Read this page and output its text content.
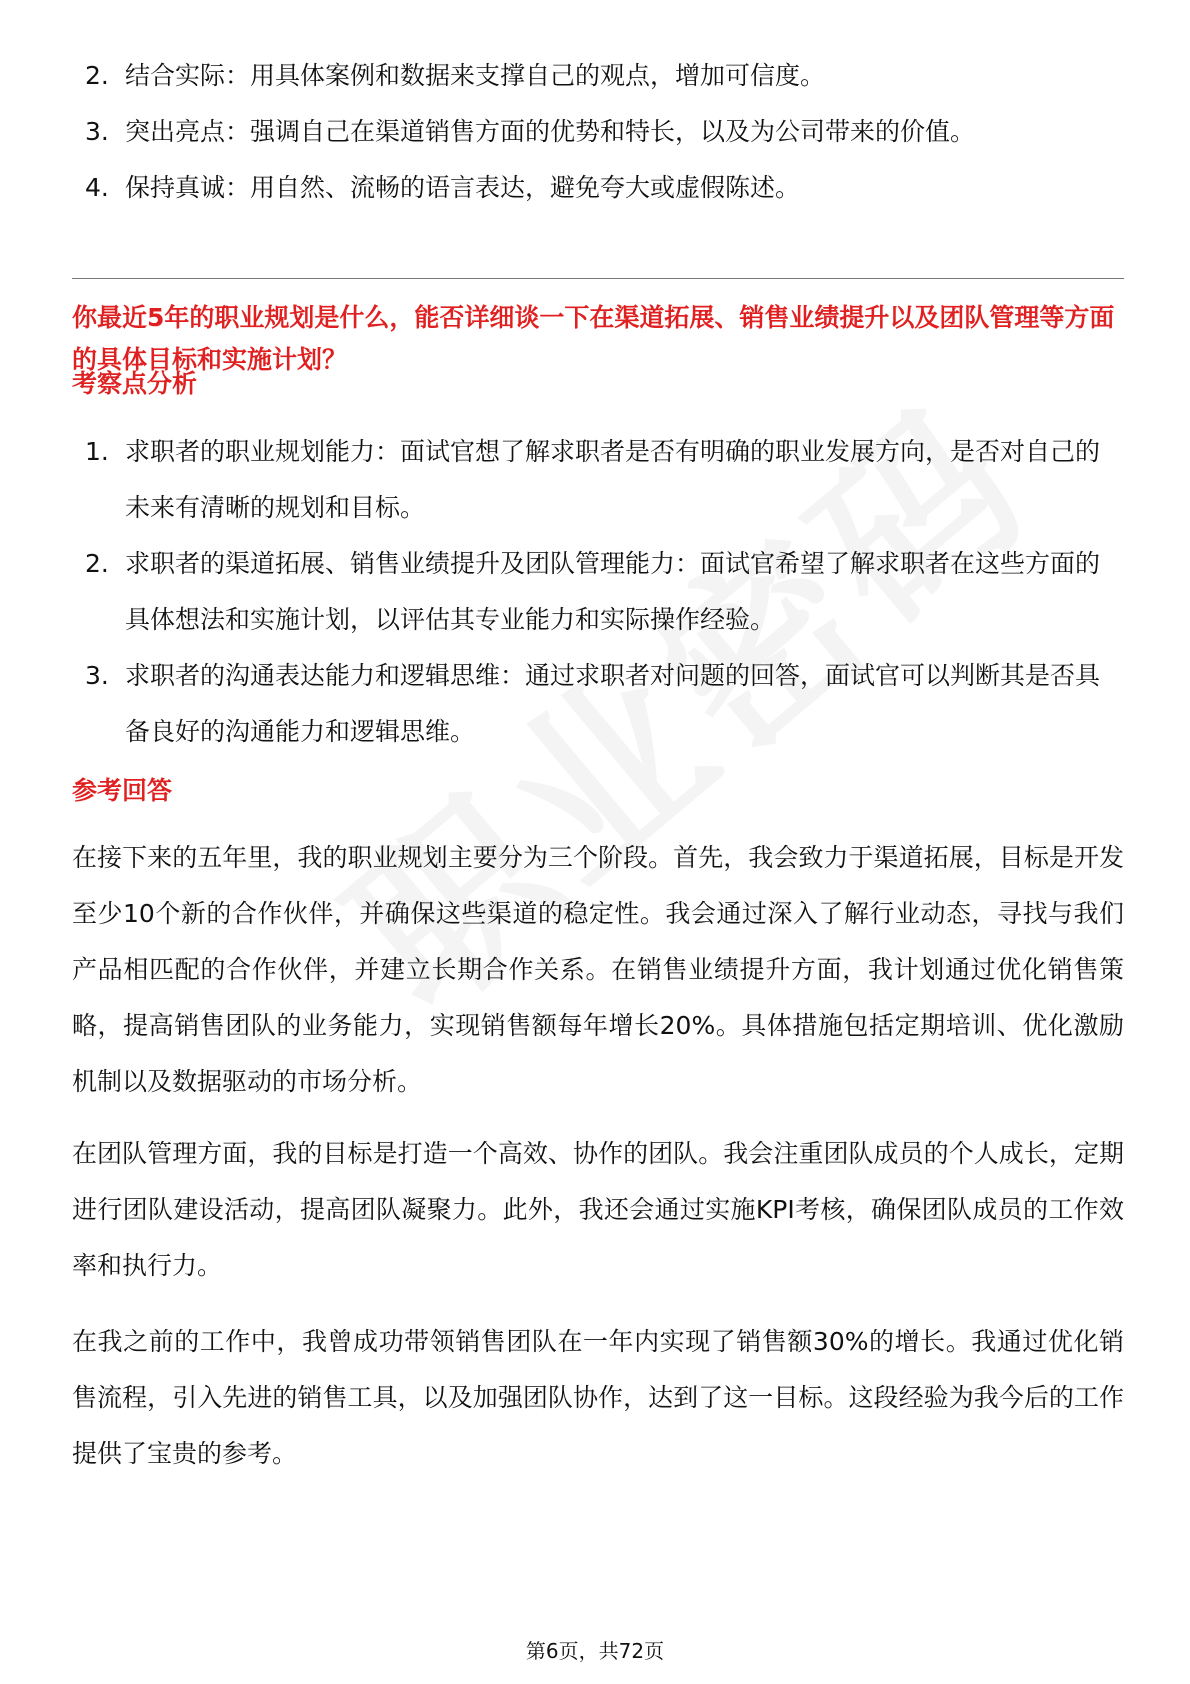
2. 结合实际：用具体案例和数据来支撑自己的观点，增加可信度。
3. 突出亮点：强调自己在渠道销售方面的优势和特长，以及为公司带来的价值。
4. 保持真诚：用自然、流畅的语言表达，避免夸大或虚假陈述。
你最近5年的职业规划是什么，能否详细谈一下在渠道拓展、销售业绩提升以及团队管理等方面的具体目标和实施计划？
考察点分析
1. 求职者的职业规划能力：面试官想了解求职者是否有明确的职业发展方向，是否对自己的未来有清晰的规划和目标。
2. 求职者的渠道拓展、销售业绩提升及团队管理能力：面试官希望了解求职者在这些方面的具体想法和实施计划，以评估其专业能力和实际操作经验。
3. 求职者的沟通表达能力和逻辑思维：通过求职者对问题的回答，面试官可以判断其是否具备良好的沟通能力和逻辑思维。
参考回答

在接下来的五年里，我的职业规划主要分为三个阶段。首先，我会致力于渠道拓展，目标是开发至少10个新的合作伙伴，并确保这些渠道的稳定性。我会通过深入了解行业动态，寻找与我们产品相匹配的合作伙伴，并建立长期合作关系。在销售业绩提升方面，我计划通过优化销售策略，提高销售团队的业务能力，实现销售额每年增长20%。具体措施包括定期培训、优化激励机制以及数据驱动的市场分析。

在团队管理方面，我的目标是打造一个高效、协作的团队。我会注重团队成员的个人成长，定期进行团队建设活动，提高团队凝聚力。此外，我还会通过实施KPI考核，确保团队成员的工作效率和执行力。

在我之前的工作中，我曾成功带领销售团队在一年内实现了销售额30%的增长。我通过优化销售流程，引入先进的销售工具，以及加强团队协作，达到了这一目标。这段经验为我今后的工作提供了宝贵的参考。

第6页，共72页
